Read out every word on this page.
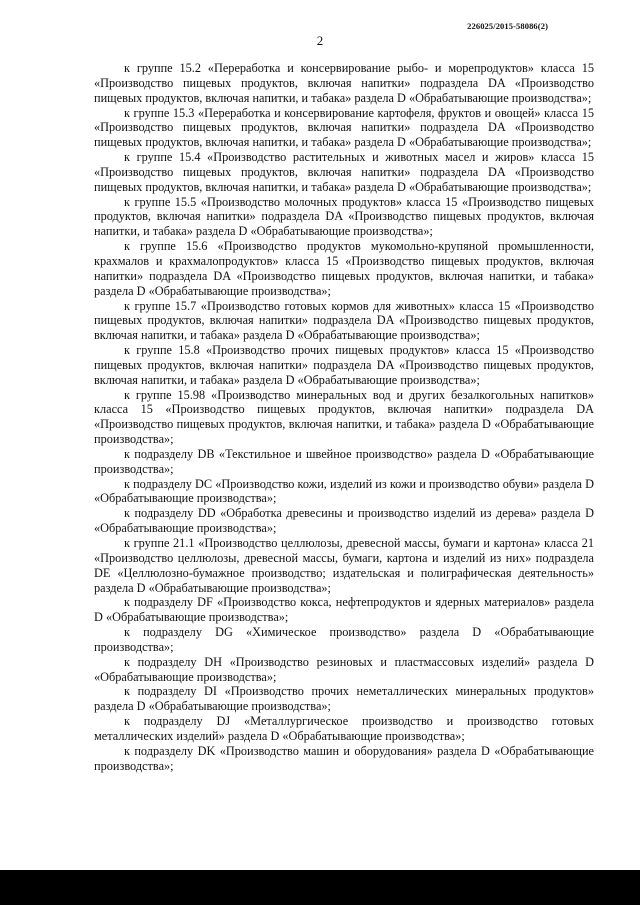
226025/2015-58086(2)
2

к группе 15.2 «Переработка и консервирование рыбо- и морепродуктов» класса 15 «Производство пищевых продуктов, включая напитки» подраздела DA «Производство пищевых продуктов, включая напитки, и табака» раздела D «Обрабатывающие производства»;

к группе 15.3 «Переработка и консервирование картофеля, фруктов и овощей» класса 15 «Производство пищевых продуктов, включая напитки» подраздела DA «Производство пищевых продуктов, включая напитки, и табака» раздела D «Обрабатывающие производства»;

к группе 15.4 «Производство растительных и животных масел и жиров» класса 15 «Производство пищевых продуктов, включая напитки» подраздела DA «Производство пищевых продуктов, включая напитки, и табака» раздела D «Обрабатывающие производства»;

к группе 15.5 «Производство молочных продуктов» класса 15 «Производство пищевых продуктов, включая напитки» подраздела DA «Производство пищевых продуктов, включая напитки, и табака» раздела D «Обрабатывающие производства»;

к группе 15.6 «Производство продуктов мукомольно-крупяной промышленности, крахмалов и крахмалопродуктов» класса 15 «Производство пищевых продуктов, включая напитки» подраздела DA «Производство пищевых продуктов, включая напитки, и табака» раздела D «Обрабатывающие производства»;

к группе 15.7 «Производство готовых кормов для животных» класса 15 «Производство пищевых продуктов, включая напитки» подраздела DA «Производство пищевых продуктов, включая напитки, и табака» раздела D «Обрабатывающие производства»;

к группе 15.8 «Производство прочих пищевых продуктов» класса 15 «Производство пищевых продуктов, включая напитки» подраздела DA «Производство пищевых продуктов, включая напитки, и табака» раздела D «Обрабатывающие производства»;

к группе 15.98 «Производство минеральных вод и других безалкогольных напитков» класса 15 «Производство пищевых продуктов, включая напитки» подраздела DA «Производство пищевых продуктов, включая напитки, и табака» раздела D «Обрабатывающие производства»;

к подразделу DB «Текстильное и швейное производство» раздела D «Обрабатывающие производства»;

к подразделу DC «Производство кожи, изделий из кожи и производство обуви» раздела D «Обрабатывающие производства»;

к подразделу DD «Обработка древесины и производство изделий из дерева» раздела D «Обрабатывающие производства»;

к группе 21.1 «Производство целлюлозы, древесной массы, бумаги и картона» класса 21 «Производство целлюлозы, древесной массы, бумаги, картона и изделий из них» подраздела DE «Целлюлозно-бумажное производство; издательская и полиграфическая деятельность» раздела D «Обрабатывающие производства»;

к подразделу DF «Производство кокса, нефтепродуктов и ядерных материалов» раздела D «Обрабатывающие производства»;

к подразделу DG «Химическое производство» раздела D «Обрабатывающие производства»;

к подразделу DH «Производство резиновых и пластмассовых изделий» раздела D «Обрабатывающие производства»;

к подразделу DI «Производство прочих неметаллических минеральных продуктов» раздела D «Обрабатывающие производства»;

к подразделу DJ «Металлургическое производство и производство готовых металлических изделий» раздела D «Обрабатывающие производства»;

к подразделу DK «Производство машин и оборудования» раздела D «Обрабатывающие производства»;
